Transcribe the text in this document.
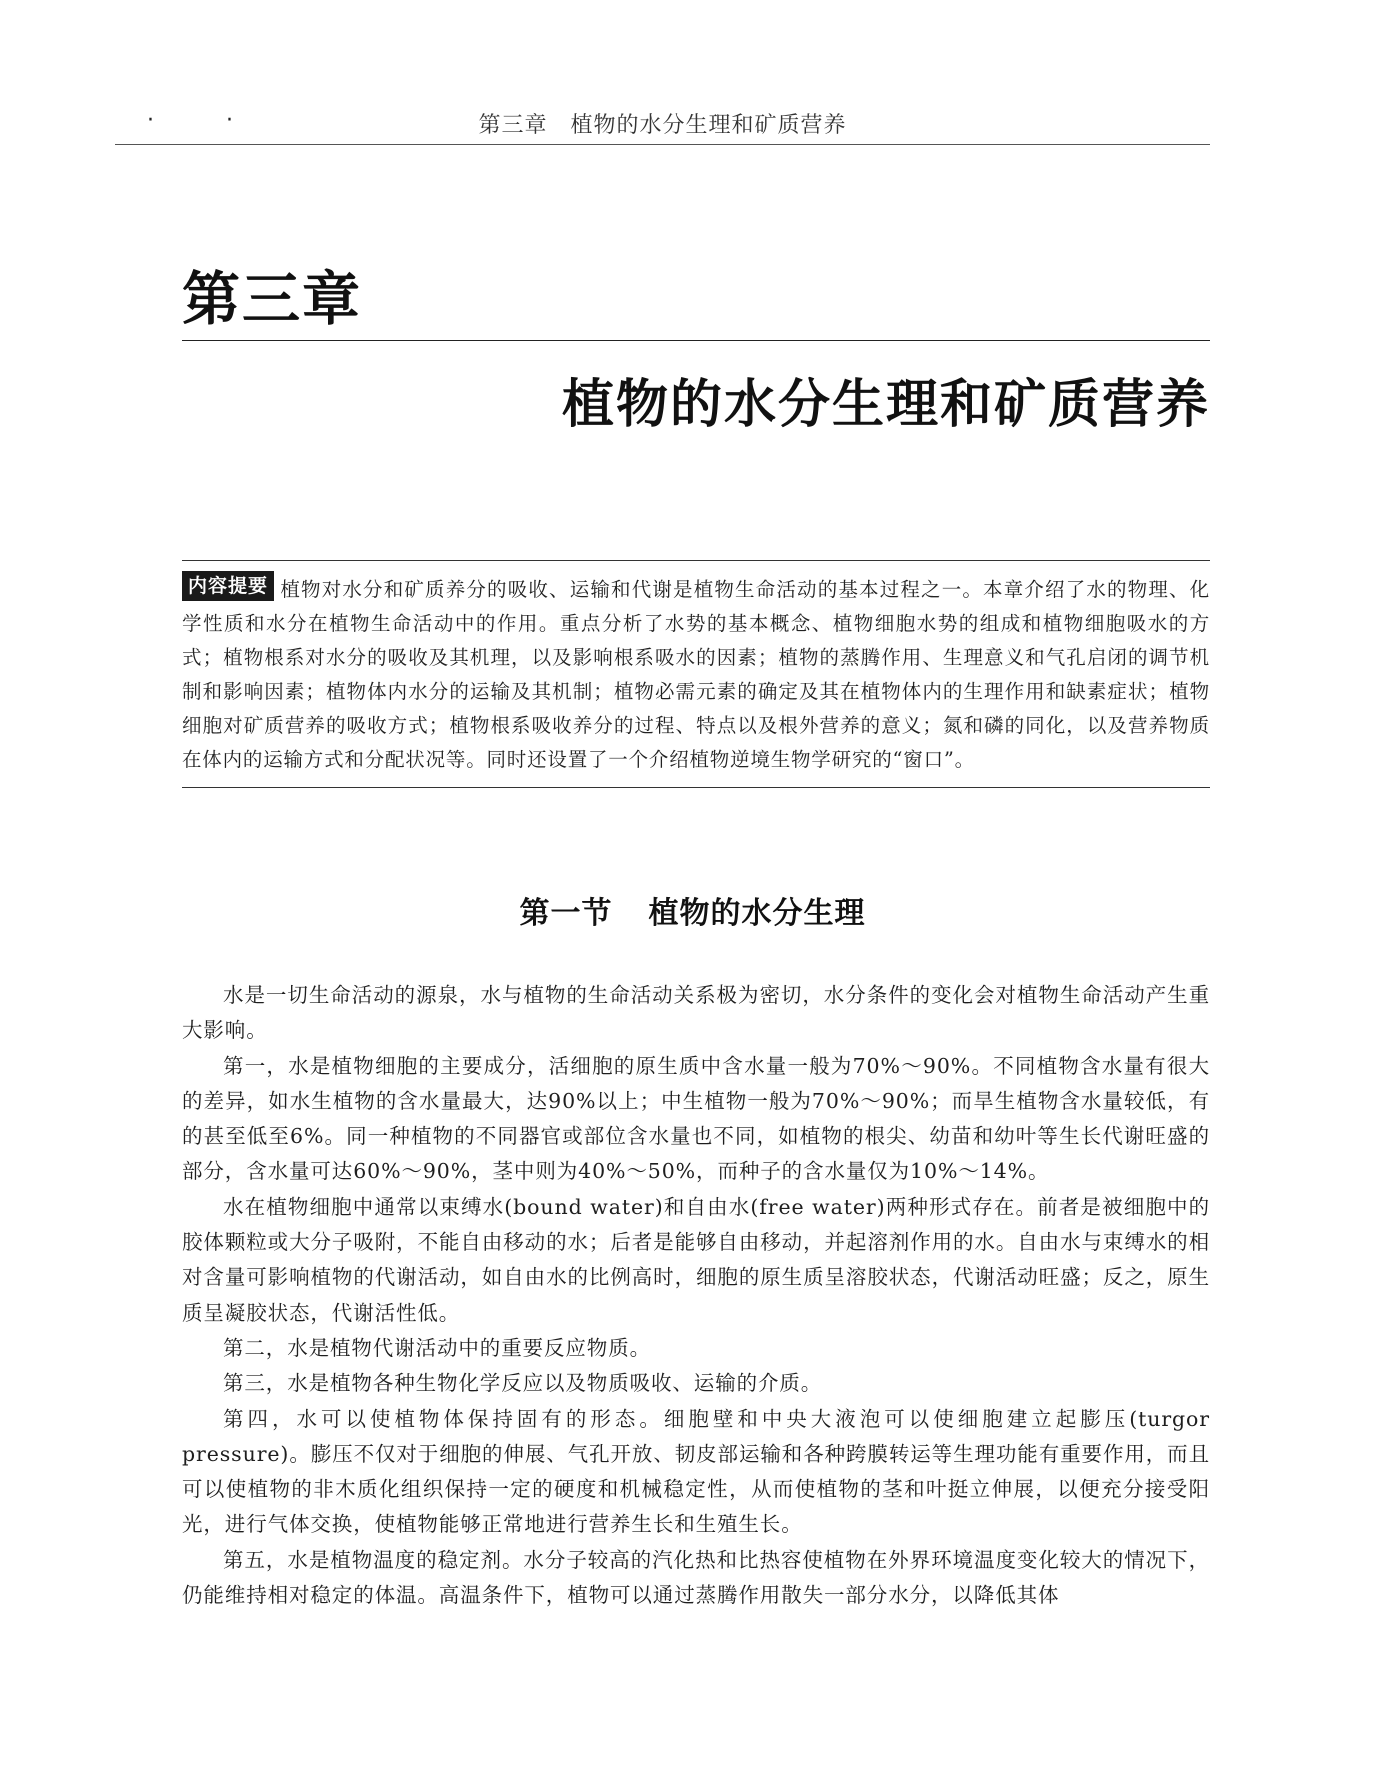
··	第三章　植物的水分生理和矿质营养
第三章
植物的水分生理和矿质营养
内容提要 植物对水分和矿质养分的吸收、运输和代谢是植物生命活动的基本过程之一。本章介绍了水的物理、化学性质和水分在植物生命活动中的作用。重点分析了水势的基本概念、植物细胞水势的组成和植物细胞吸水的方式；植物根系对水分的吸收及其机理，以及影响根系吸水的因素；植物的蒸腾作用、生理意义和气孔启闭的调节机制和影响因素；植物体内水分的运输及其机制；植物必需元素的确定及其在植物体内的生理作用和缺素症状；植物细胞对矿质营养的吸收方式；植物根系吸收养分的过程、特点以及根外营养的意义；氮和磷的同化，以及营养物质在体内的运输方式和分配状况等。同时还设置了一个介绍植物逆境生物学研究的“窗口”。
第一节 植物的水分生理

水是一切生命活动的源泉，水与植物的生命活动关系极为密切，水分条件的变化会对植物生命活动产生重大影响。

第一，水是植物细胞的主要成分，活细胞的原生质中含水量一般为70%～90%。不同植物含水量有很大的差异，如水生植物的含水量最大，达90%以上；中生植物一般为70%～90%；而旱生植物含水量较低，有的甚至低至6%。同一种植物的不同器官或部位含水量也不同，如植物的根尖、幼苗和幼叶等生长代谢旺盛的部分，含水量可达60%～90%，茎中则为40%～50%，而种子的含水量仅为10%～14%。

水在植物细胞中通常以束缚水(bound water)和自由水(free water)两种形式存在。前者是被细胞中的胶体颗粒或大分子吸附，不能自由移动的水；后者是能够自由移动，并起溶剂作用的水。自由水与束缚水的相对含量可影响植物的代谢活动，如自由水的比例高时，细胞的原生质呈溶胶状态，代谢活动旺盛；反之，原生质呈凝胶状态，代谢活性低。

第二，水是植物代谢活动中的重要反应物质。

第三，水是植物各种生物化学反应以及物质吸收、运输的介质。

第四，水可以使植物体保持固有的形态。细胞壁和中央大液泡可以使细胞建立起膨压(turgor pressure)。膨压不仅对于细胞的伸展、气孔开放、韧皮部运输和各种跨膜转运等生理功能有重要作用，而且可以使植物的非木质化组织保持一定的硬度和机械稳定性，从而使植物的茎和叶挺立伸展，以便充分接受阳光，进行气体交换，使植物能够正常地进行营养生长和生殖生长。

第五，水是植物温度的稳定剂。水分子较高的汽化热和比热容使植物在外界环境温度变化较大的情况下，仍能维持相对稳定的体温。高温条件下，植物可以通过蒸腾作用散失一部分水分，以降低其体
